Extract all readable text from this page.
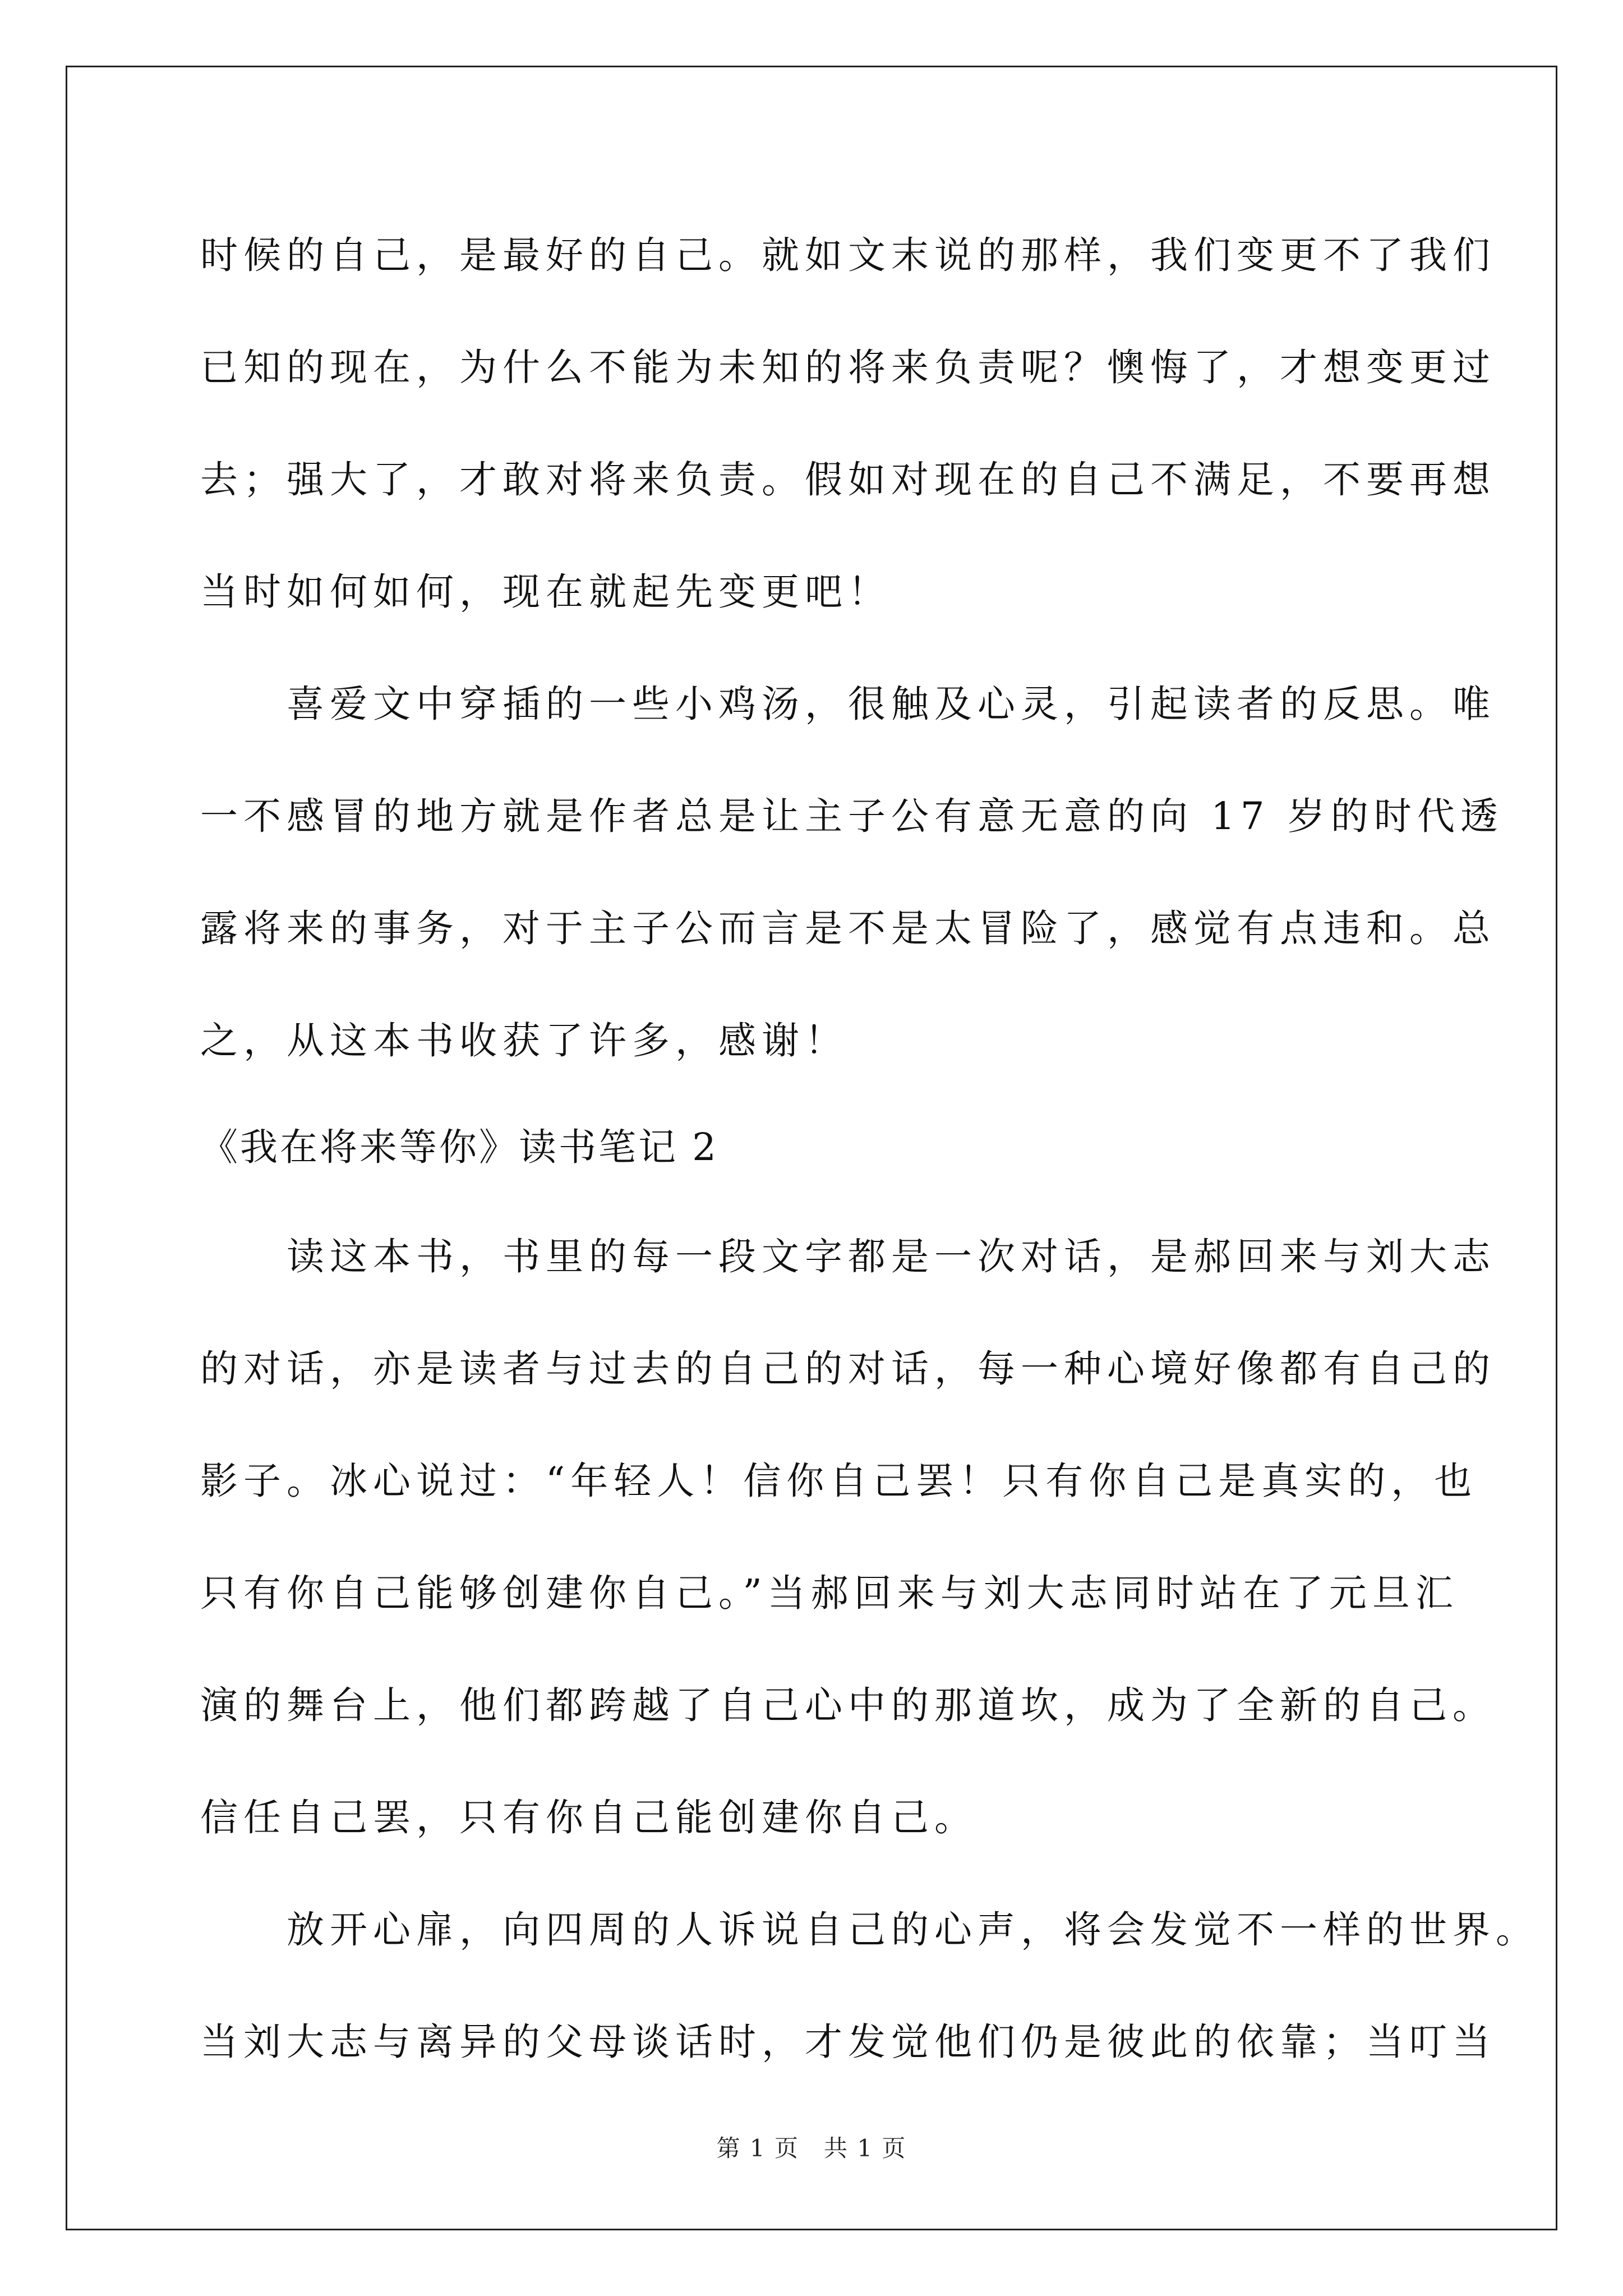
时候的自己，是最好的自己。就如文末说的那样，我们变更不了我们
已知的现在，为什么不能为未知的将来负责呢？懊悔了，才想变更过
去；强大了，才敢对将来负责。假如对现在的自己不满足，不要再想
当时如何如何，现在就起先变更吧！
　　喜爱文中穿插的一些小鸡汤，很触及心灵，引起读者的反思。唯
一不感冒的地方就是作者总是让主子公有意无意的向 17 岁的时代透
露将来的事务，对于主子公而言是不是太冒险了，感觉有点违和。总
之，从这本书收获了许多，感谢！
《我在将来等你》读书笔记 2
　　读这本书，书里的每一段文字都是一次对话，是郝回来与刘大志
的对话，亦是读者与过去的自己的对话，每一种心境好像都有自己的
影子。冰心说过：“年轻人！信你自己罢！只有你自己是真实的，也
只有你自己能够创建你自己。”当郝回来与刘大志同时站在了元旦汇
演的舞台上，他们都跨越了自己心中的那道坎，成为了全新的自己。
信任自己罢，只有你自己能创建你自己。
　　放开心扉，向四周的人诉说自己的心声，将会发觉不一样的世界。
当刘大志与离异的父母谈话时，才发觉他们仍是彼此的依靠；当叮当
第 1 页　共 1 页
